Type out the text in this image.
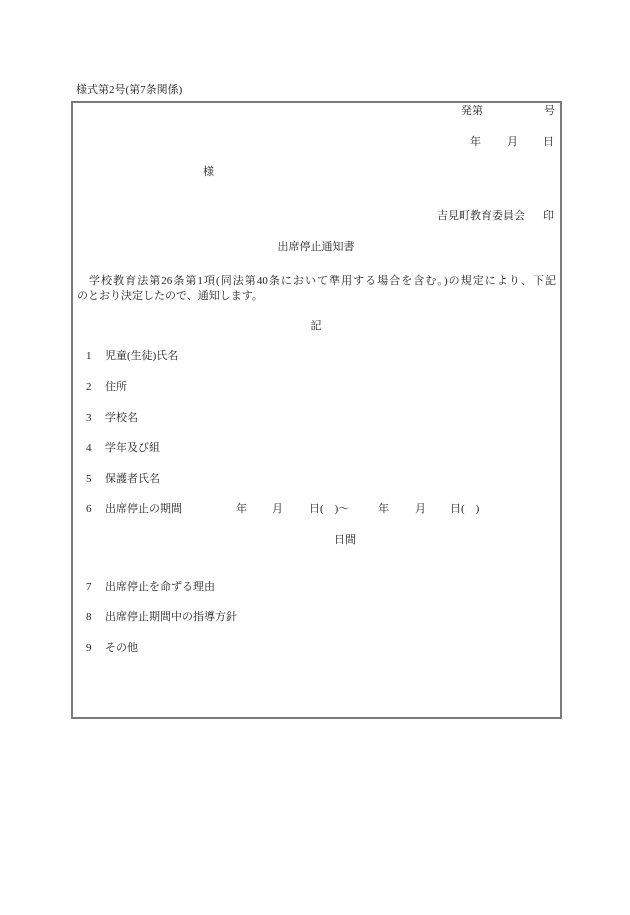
様式第2号(第7条関係)
発第	号
年 月 日
様
吉見町教育委員会 印
出席停止通知書
　学校教育法第26条第1項(同法第40条において準用する場合を含む。)の規定により、下記
のとおり決定したので、通知します。
記
1 児童(生徒)氏名
2 住所
3 学校名
4 学年及び組
5 保護者氏名
6 出席停止の期間	年 月 日(　)～	年 月 日(　)
日間
7 出席停止を命ずる理由
8 出席停止期間中の指導方針
9 その他
